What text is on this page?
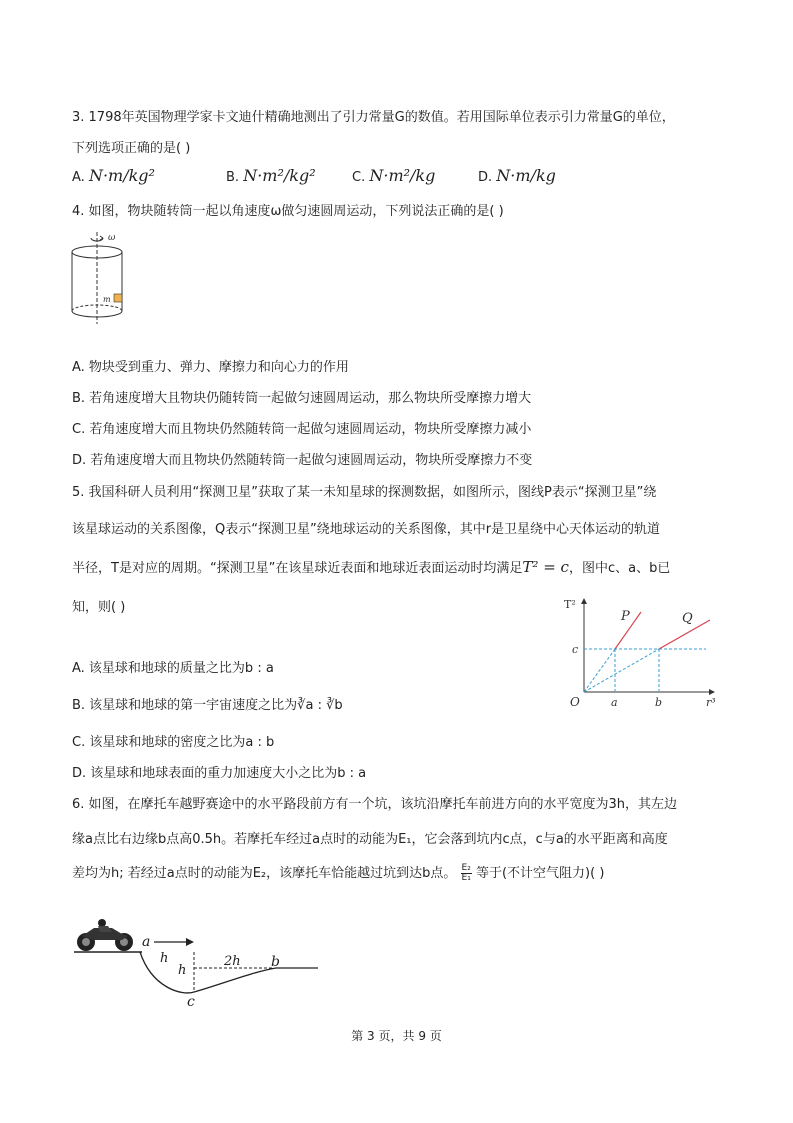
3. 1798年英国物理学家卡文迪什精确地测出了引力常量G的数值。若用国际单位表示引力常量G的单位，
下列选项正确的是( )
A. N·m/kg²	B. N·m²/kg²	C. N·m²/kg	D. N·m/kg
4. 如图，物块随转筒一起以角速度ω做匀速圆周运动，下列说法正确的是( )
ω
m
A. 物块受到重力、弹力、摩擦力和向心力的作用
B. 若角速度增大且物块仍随转筒一起做匀速圆周运动，那么物块所受摩擦力增大
C. 若角速度增大而且物块仍然随转筒一起做匀速圆周运动，物块所受摩擦力减小
D. 若角速度增大而且物块仍然随转筒一起做匀速圆周运动，物块所受摩擦力不变
5. 我国科研人员利用“探测卫星”获取了某一未知星球的探测数据，如图所示，图线P表示“探测卫星”绕
该星球运动的关系图像，Q表示“探测卫星”绕地球运动的关系图像，其中r是卫星绕中心天体运动的轨道
半径，T是对应的周期。“探测卫星”在该星球近表面和地球近表面运动时均满足T² = c，图中c、a、b已
知，则( )	T²
r³
O	a	b
c
P	Q
A. 该星球和地球的质量之比为b : a
B. 该星球和地球的第一宇宙速度之比为∛a : ∛b
C. 该星球和地球的密度之比为a : b
D. 该星球和地球表面的重力加速度大小之比为b : a
6. 如图，在摩托车越野赛途中的水平路段前方有一个坑，该坑沿摩托车前进方向的水平宽度为3h，其左边
缘a点比右边缘b点高0.5h。若摩托车经过a点时的动能为E₁，它会落到坑内c点，c与a的水平距离和高度
差均为h; 若经过a点时的动能为E₂，该摩托车恰能越过坑到达b点。 $\frac{\text{E₂}}{\text{E₁}}$ 等于(不计空气阻力)( )
a
h
h
2h b
c
第 3 页，共 9 页
